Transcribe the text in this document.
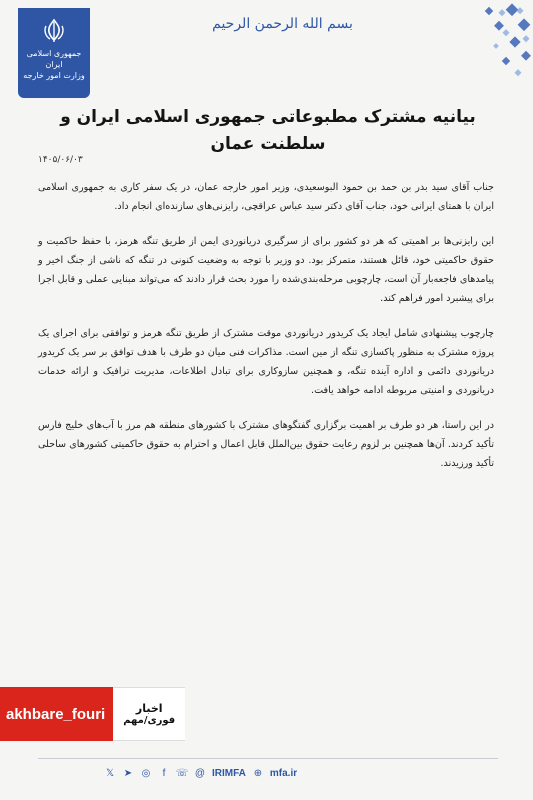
جمهوری اسلامی ایران
وزارت امور خارجه
بسم الله الرحمن الرحیم
بیانیه مشترک مطبوعاتی جمهوری اسلامی ایران و سلطنت عمان
۱۴۰۵/۰۶/۰۳

جناب آقای سید بدر بن حمد بن حمود البوسعیدی، وزیر امور خارجه عمان، در یک سفر کاری به جمهوری اسلامی ایران با همتای ایرانی خود، جناب آقای دکتر سید عباس عراقچی، رایزنی‌های سازنده‌ای انجام داد.

این رایزنی‌ها بر اهمیتی که هر دو کشور برای از سرگیری دریانوردی ایمن از طریق تنگه هرمز، با حفظ حاکمیت و حقوق حاکمیتی خود، قائل هستند، متمرکز بود. دو وزیر با توجه به وضعیت کنونی در تنگه که ناشی از جنگ اخیر و پیامدهای فاجعه‌بار آن است، چارچوبی مرحله‌بندی‌شده را مورد بحث قرار دادند که می‌تواند مبنایی عملی و قابل اجرا برای پیشبرد امور فراهم کند.

چارچوب پیشنهادی شامل ایجاد یک کریدور دریانوردی موقت مشترک از طریق تنگه هرمز و توافقی برای اجرای یک پروژه مشترک به منظور پاکسازی تنگه از مین است. مذاکرات فنی میان دو طرف با هدف توافق بر سر یک کریدور دریانوردی دائمی و اداره آینده تنگه، و همچنین سازوکاری برای تبادل اطلاعات، مدیریت ترافیک و ارائه خدمات دریانوردی و امنیتی مربوطه ادامه خواهد یافت.

در این راستا، هر دو طرف بر اهمیت برگزاری گفتگوهای مشترک با کشورهای منطقه هم مرز با آب‌های خلیج فارس تأکید کردند. آن‌ها همچنین بر لزوم رعایت حقوق بین‌الملل قابل اعمال و احترام به حقوق حاکمیتی کشورهای ساحلی تأکید ورزیدند.

akhbare_fouri	اخبار
فوری/مهم
𝕏 ➤ ◎	f	☏ @ IRIMFA ⊕ mfa.ir
